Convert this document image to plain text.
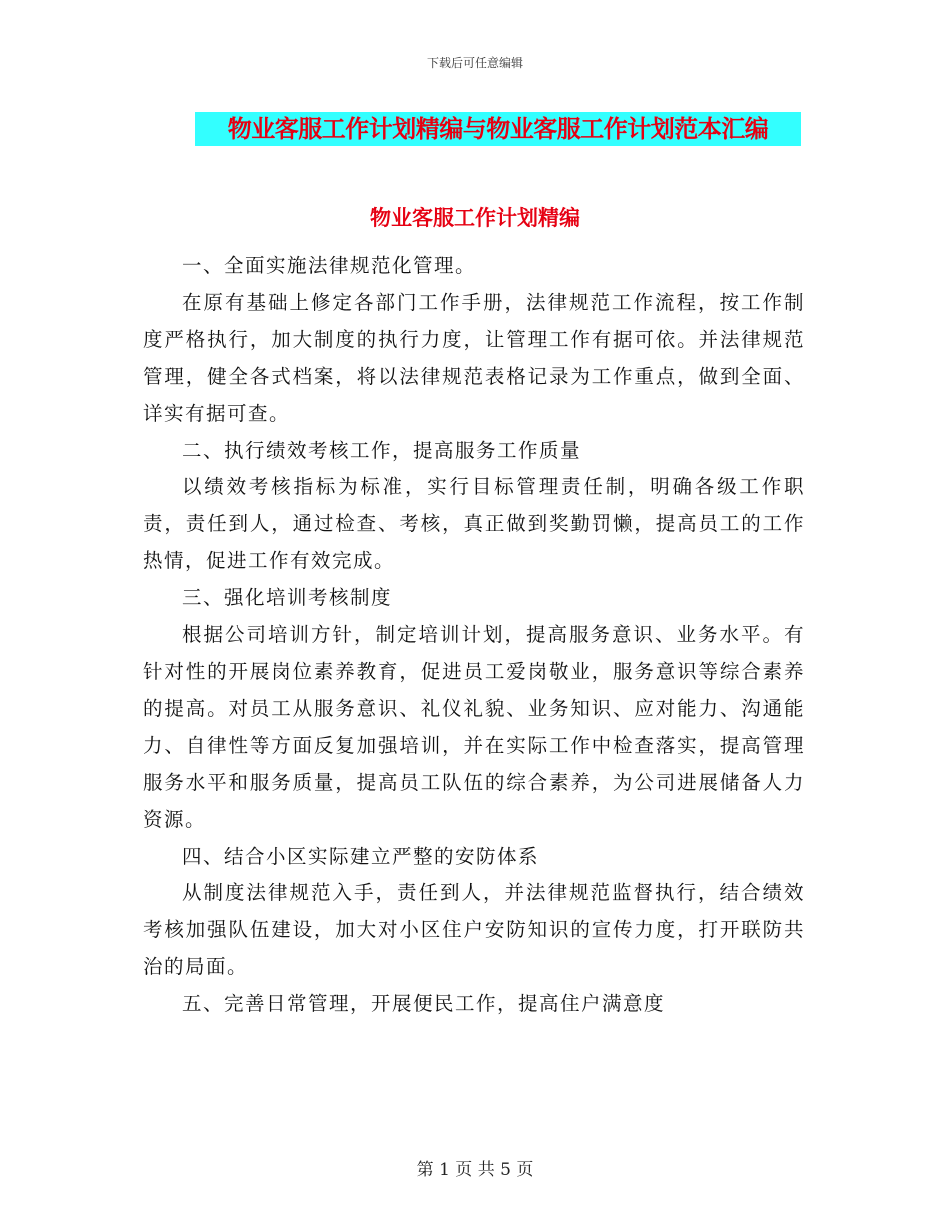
下载后可任意编辑
物业客服工作计划精编与物业客服工作计划范本汇编
物业客服工作计划精编

一、全面实施法律规范化管理。

在原有基础上修定各部门工作手册，法律规范工作流程，按工作制度严格执行，加大制度的执行力度，让管理工作有据可依。并法律规范管理，健全各式档案，将以法律规范表格记录为工作重点，做到全面、详实有据可查。

二、执行绩效考核工作，提高服务工作质量

以绩效考核指标为标准，实行目标管理责任制，明确各级工作职责，责任到人，通过检查、考核，真正做到奖勤罚懒，提高员工的工作热情，促进工作有效完成。

三、强化培训考核制度

根据公司培训方针，制定培训计划，提高服务意识、业务水平。有针对性的开展岗位素养教育，促进员工爱岗敬业，服务意识等综合素养的提高。对员工从服务意识、礼仪礼貌、业务知识、应对能力、沟通能力、自律性等方面反复加强培训，并在实际工作中检查落实，提高管理服务水平和服务质量，提高员工队伍的综合素养，为公司进展储备人力资源。

四、结合小区实际建立严整的安防体系

从制度法律规范入手，责任到人，并法律规范监督执行，结合绩效考核加强队伍建设，加大对小区住户安防知识的宣传力度，打开联防共治的局面。

五、完善日常管理，开展便民工作，提高住户满意度

第 1 页 共 5 页
